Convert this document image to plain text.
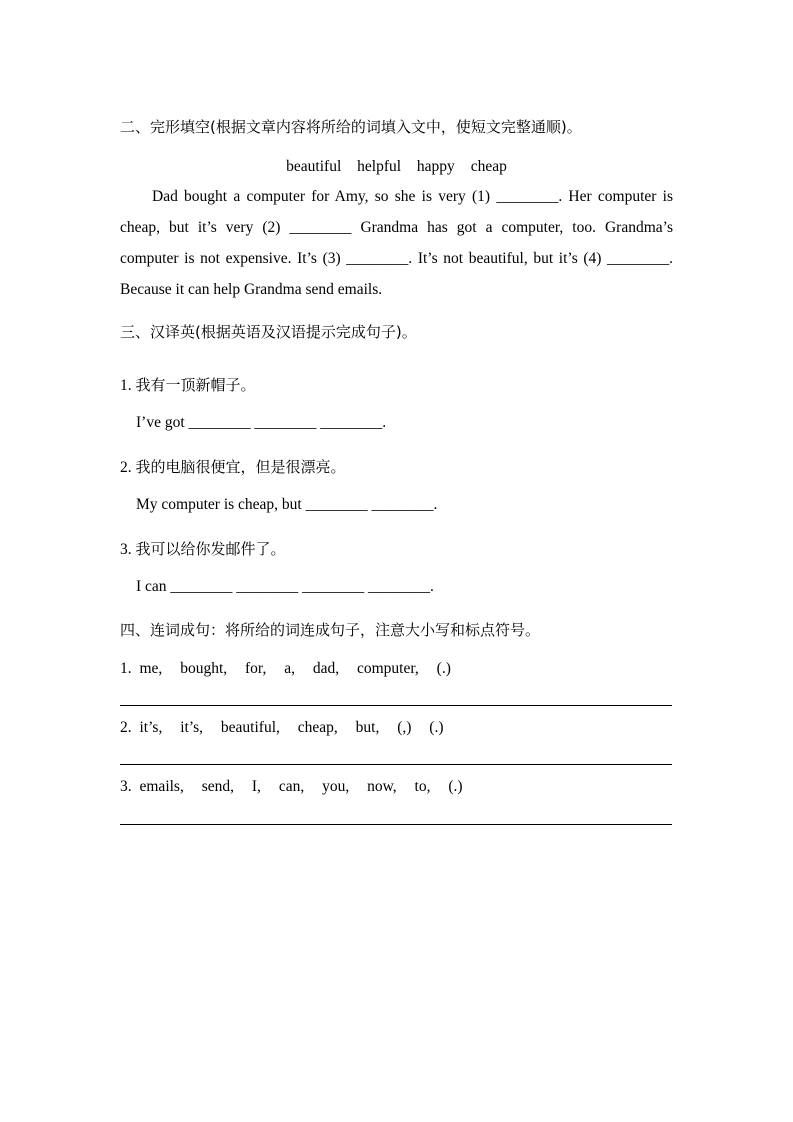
二、完形填空(根据文章内容将所给的词填入文中，使短文完整通顺)。
beautiful helpful happy cheap

Dad bought a computer for Amy, so she is very (1) ________. Her computer is cheap, but it’s very (2) ________ Grandma has got a computer, too. Grandma’s computer is not expensive. It’s (3) ________. It’s not beautiful, but it’s (4) ________. Because it can help Grandma send emails.

三、汉译英(根据英语及汉语提示完成句子)。
1. 我有一顶新帽子。
I’ve got ________ ________ ________.
2. 我的电脑很便宜，但是很漂亮。
My computer is cheap, but ________ ________.
3. 我可以给你发邮件了。
I can ________ ________ ________ ________.
四、连词成句：将所给的词连成句子，注意大小写和标点符号。
1. me, bought, for, a, dad, computer, (.)
2. it’s, it’s, beautiful, cheap, but, (,) (.)
3. emails, send, I, can, you, now, to, (.)
